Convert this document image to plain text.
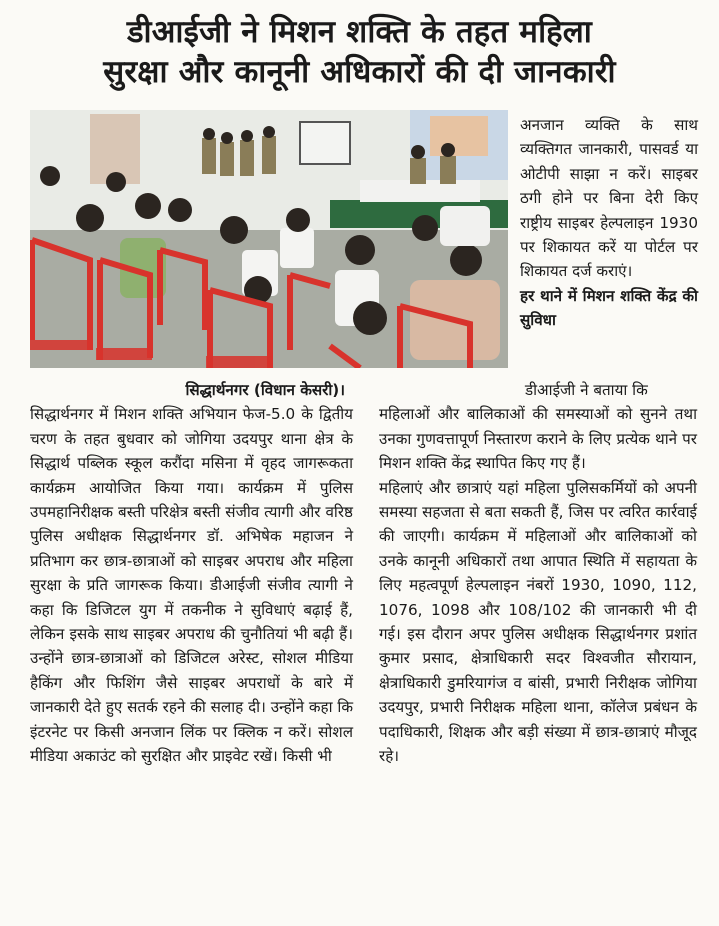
डीआईजी ने मिशन शक्ति के तहत महिला
सुरक्षा और कानूनी अधिकारों की दी जानकारी

अनजान व्यक्ति के साथ व्यक्तिगत जानकारी, पासवर्ड या ओटीपी साझा न करें। साइबर ठगी होने पर बिना देरी किए राष्ट्रीय साइबर हेल्पलाइन 1930 पर शिकायत करें या पोर्टल पर शिकायत दर्ज कराएं।

हर थाने में मिशन शक्ति केंद्र की सुविधा
सिद्धार्थनगर (विधान केसरी)।

सिद्धार्थनगर में मिशन शक्ति अभियान फेज-5.0 के द्वितीय चरण के तहत बुधवार को जोगिया उदयपुर थाना क्षेत्र के सिद्धार्थ पब्लिक स्कूल करौंदा मसिना में वृहद जागरूकता कार्यक्रम आयोजित किया गया। कार्यक्रम में पुलिस उपमहानिरीक्षक बस्ती परिक्षेत्र बस्ती संजीव त्यागी और वरिष्ठ पुलिस अधीक्षक सिद्धार्थनगर डॉ. अभिषेक महाजन ने प्रतिभाग कर छात्र-छात्राओं को साइबर अपराध और महिला सुरक्षा के प्रति जागरूक किया। डीआईजी संजीव त्यागी ने कहा कि डिजिटल युग में तकनीक ने सुविधाएं बढ़ाई हैं, लेकिन इसके साथ साइबर अपराध की चुनौतियां भी बढ़ी हैं। उन्होंने छात्र-छात्राओं को डिजिटल अरेस्ट, सोशल मीडिया हैकिंग और फिशिंग जैसे साइबर अपराधों के बारे में जानकारी देते हुए सतर्क रहने की सलाह दी। उन्होंने कहा कि इंटरनेट पर किसी अनजान लिंक पर क्लिक न करें। सोशल मीडिया अकाउंट को सुरक्षित और प्राइवेट रखें। किसी भी

डीआईजी ने बताया कि

महिलाओं और बालिकाओं की समस्याओं को सुनने तथा उनका गुणवत्तापूर्ण निस्तारण कराने के लिए प्रत्येक थाने पर मिशन शक्ति केंद्र स्थापित किए गए हैं।

महिलाएं और छात्राएं यहां महिला पुलिसकर्मियों को अपनी समस्या सहजता से बता सकती हैं, जिस पर त्वरित कार्रवाई की जाएगी। कार्यक्रम में महिलाओं और बालिकाओं को उनके कानूनी अधिकारों तथा आपात स्थिति में सहायता के लिए महत्वपूर्ण हेल्पलाइन नंबरों 1930, 1090, 112, 1076, 1098 और 108/102 की जानकारी भी दी गई। इस दौरान अपर पुलिस अधीक्षक सिद्धार्थनगर प्रशांत कुमार प्रसाद, क्षेत्राधिकारी सदर विश्वजीत सौरायान, क्षेत्राधिकारी डुमरियागंज व बांसी, प्रभारी निरीक्षक जोगिया उदयपुर, प्रभारी निरीक्षक महिला थाना, कॉलेज प्रबंधन के पदाधिकारी, शिक्षक और बड़ी संख्या में छात्र-छात्राएं मौजूद रहे।
